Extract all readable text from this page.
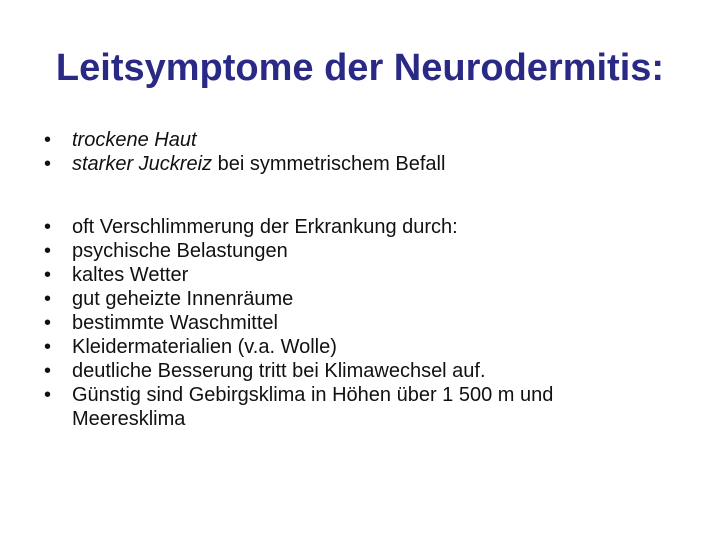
Leitsymptome der Neurodermitis:
• trockene Haut
• starker Juckreiz bei symmetrischem Befall
• oft Verschlimmerung der Erkrankung durch:
• psychische Belastungen
• kaltes Wetter
• gut geheizte Innenräume
• bestimmte Waschmittel
• Kleidermaterialien (v.a. Wolle)
• deutliche Besserung tritt bei Klimawechsel auf.
• Günstig sind Gebirgsklima in Höhen über 1 500 m und Meeresklima
